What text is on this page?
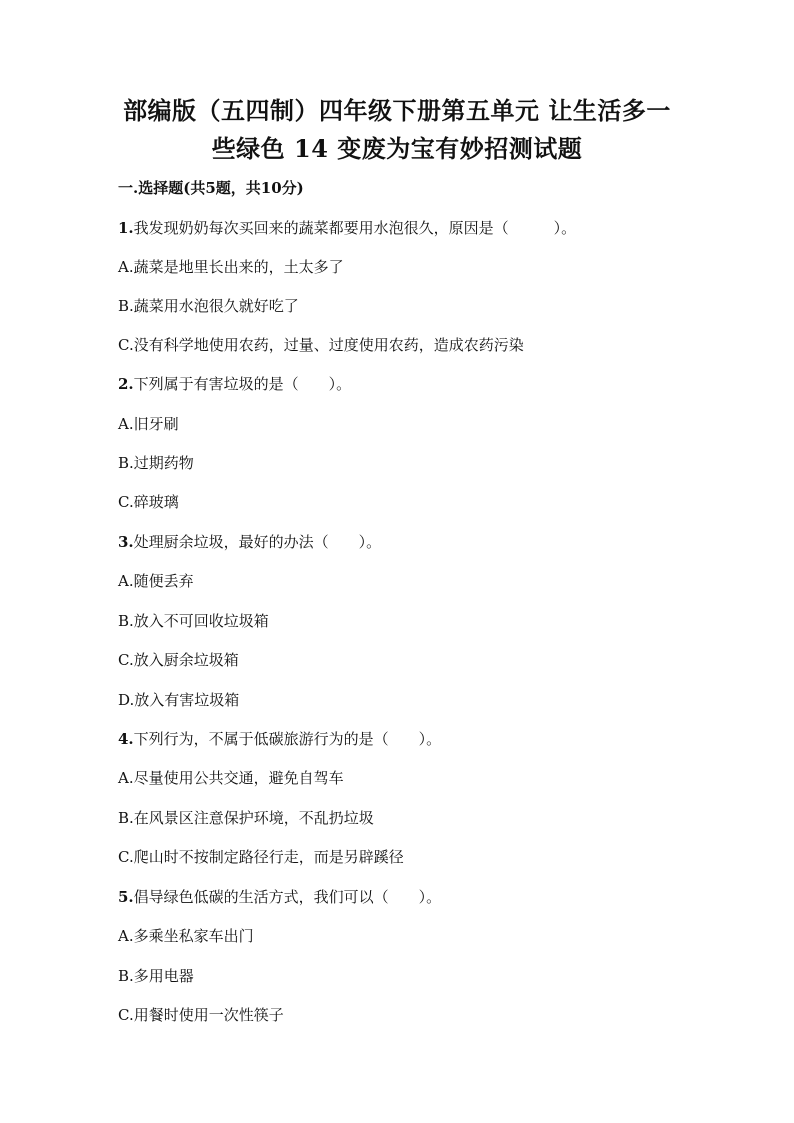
部编版（五四制）四年级下册第五单元 让生活多一
些绿色 14 变废为宝有妙招测试题
一.选择题(共5题，共10分)
1.我发现奶奶每次买回来的蔬菜都要用水泡很久，原因是（　　　）。
A.蔬菜是地里长出来的，土太多了
B.蔬菜用水泡很久就好吃了
C.没有科学地使用农药，过量、过度使用农药，造成农药污染
2.下列属于有害垃圾的是（　　）。
A.旧牙刷
B.过期药物
C.碎玻璃
3.处理厨余垃圾，最好的办法（　　）。
A.随便丢弃
B.放入不可回收垃圾箱
C.放入厨余垃圾箱
D.放入有害垃圾箱
4.下列行为，不属于低碳旅游行为的是（　　）。
A.尽量使用公共交通，避免自驾车
B.在风景区注意保护环境，不乱扔垃圾
C.爬山时不按制定路径行走，而是另辟蹊径
5.倡导绿色低碳的生活方式，我们可以（　　）。
A.多乘坐私家车出门
B.多用电器
C.用餐时使用一次性筷子
